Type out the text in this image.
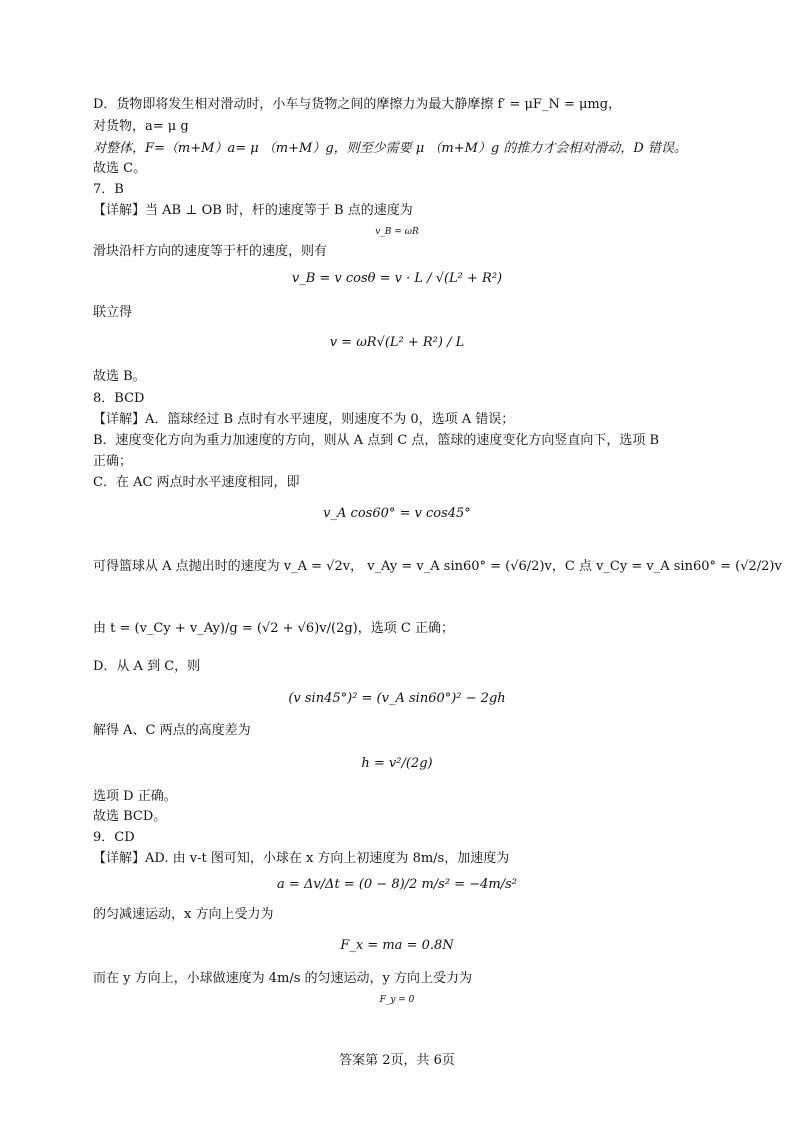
D．货物即将发生相对滑动时，小车与货物之间的摩擦力为最大静摩擦 f′ = μF_N = μmg，
对货物，a= μ g
对整体，F=（m+M）a= μ （m+M）g，则至少需要 μ （m+M）g 的推力才会相对滑动，D 错误。
故选 C。
7．B
【详解】当 AB ⊥ OB 时，杆的速度等于 B 点的速度为
v_B = ωR
滑块沿杆方向的速度等于杆的速度，则有
v_B = v cosθ = v · L / √(L² + R²)
联立得
v = ωR√(L² + R²) / L
故选 B。
8．BCD
【详解】A．篮球经过 B 点时有水平速度，则速度不为 0，选项 A 错误；
B．速度变化方向为重力加速度的方向，则从 A 点到 C 点，篮球的速度变化方向竖直向下，选项 B
正确；
C．在 AC 两点时水平速度相同，即
v_A cos60° = v cos45°
可得篮球从 A 点抛出时的速度为 v_A = √2v， v_Ay = v_A sin60° = (√6/2)v，C 点 v_Cy = v_A sin60° = (√2/2)v
由 t = (v_Cy + v_Ay)/g = (√2 + √6)v/(2g)，选项 C 正确；
D．从 A 到 C，则
(v sin45°)² = (v_A sin60°)² − 2gh
解得 A、C 两点的高度差为
h = v²/(2g)
选项 D 正确。
故选 BCD。
9．CD
【详解】AD. 由 v-t 图可知，小球在 x 方向上初速度为 8m/s，加速度为
a = Δv/Δt = (0 − 8)/2 m/s² = −4m/s²
的匀减速运动，x 方向上受力为
F_x = ma = 0.8N
而在 y 方向上，小球做速度为 4m/s 的匀速运动，y 方向上受力为
F_y = 0
答案第 2页，共 6页
